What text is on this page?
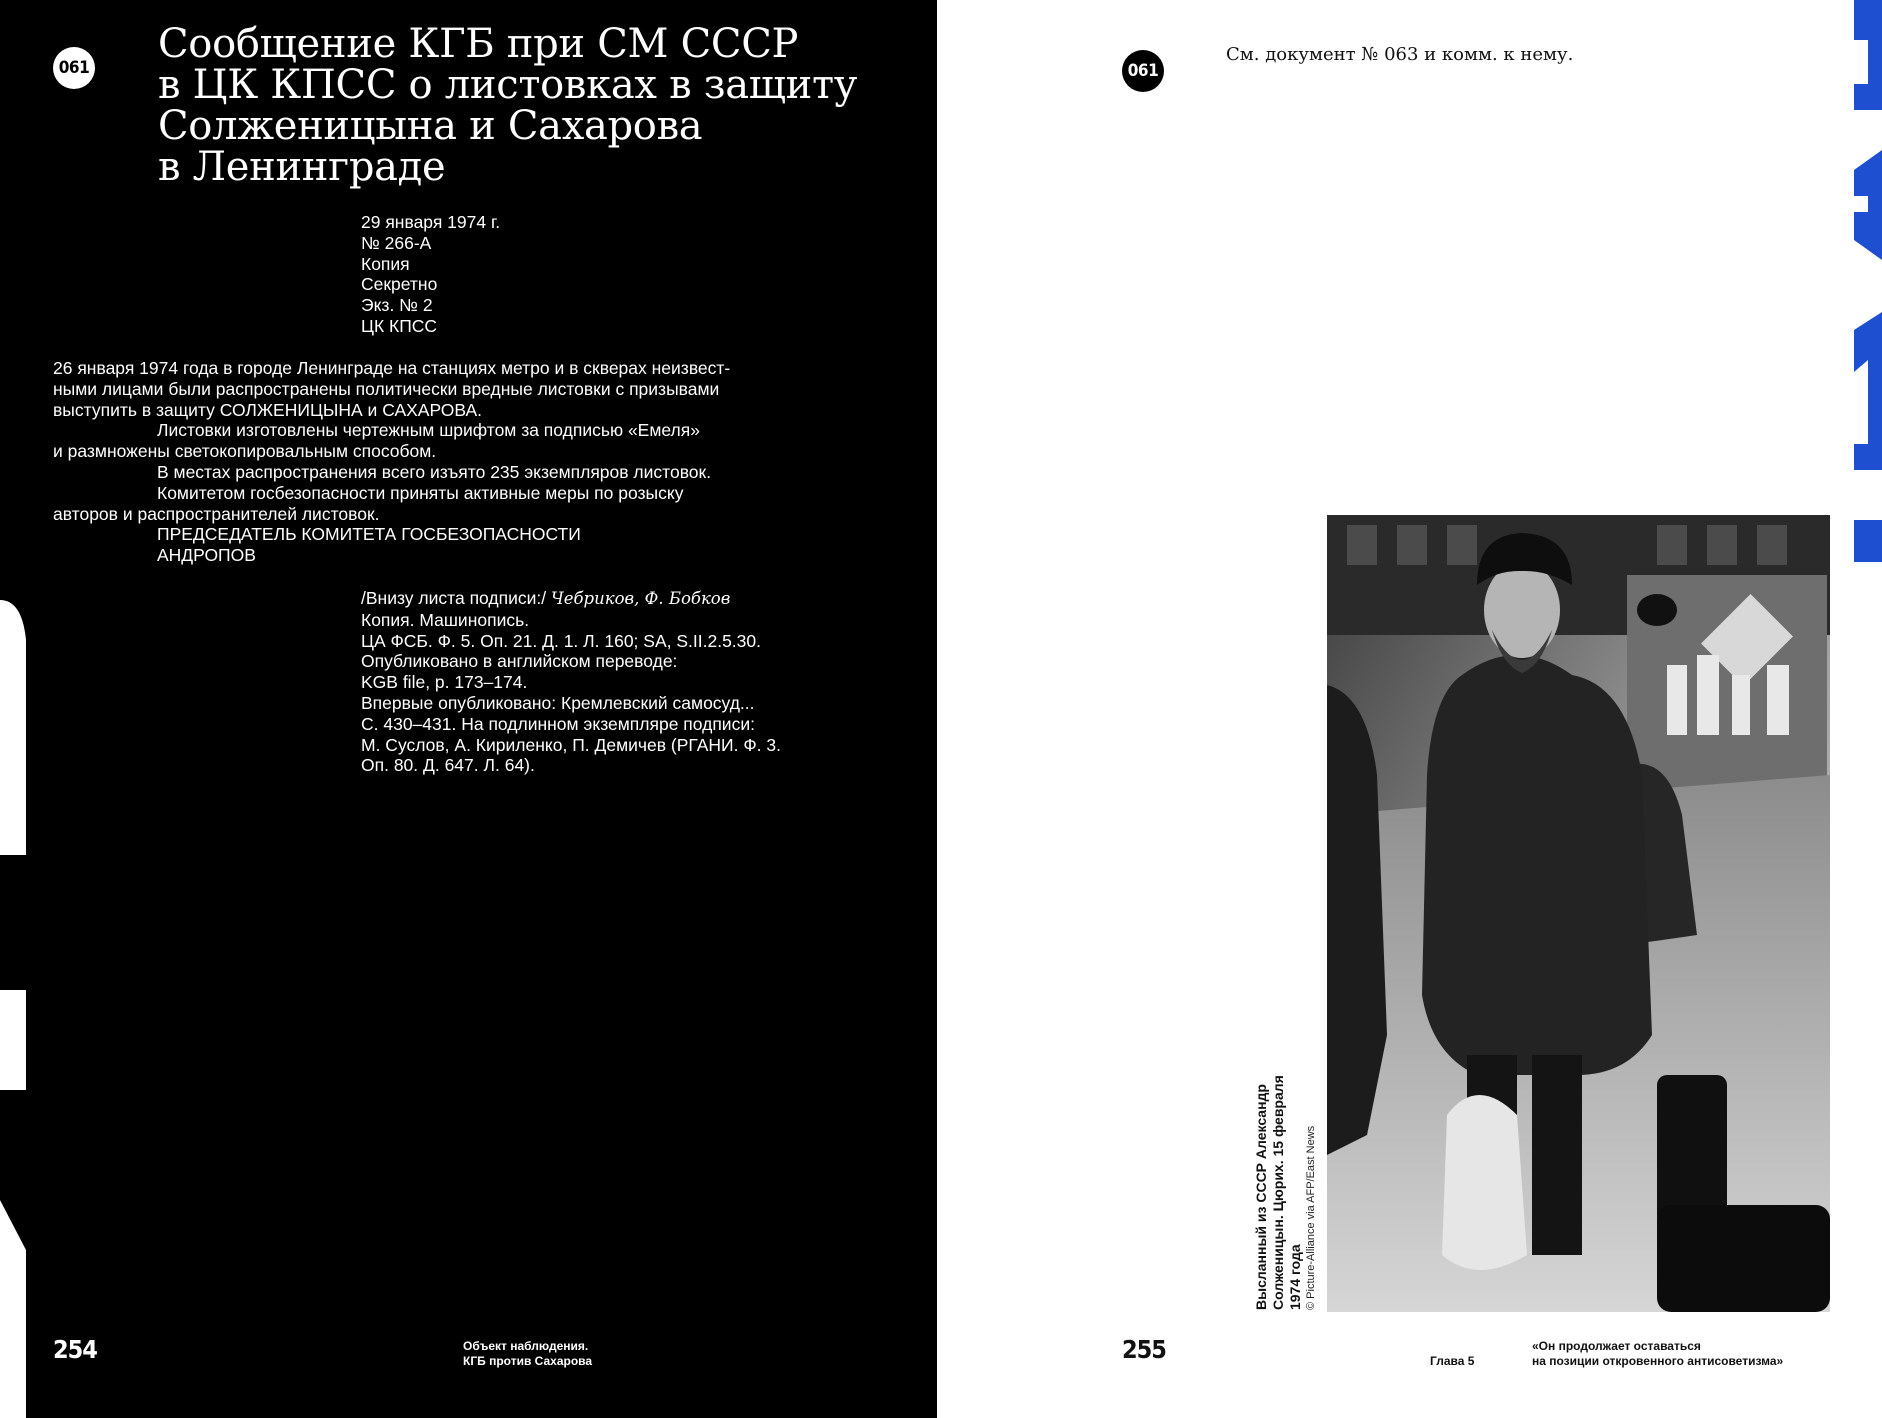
061
Сообщение КГБ при СМ СССР
в ЦК КПСС о листовках в защиту
Солженицына и Сахарова
в Ленинграде
29 января 1974 г.
№ 266-А
Копия
Секретно
Экз. № 2
ЦК КПСС

26 января 1974 года в городе Ленинграде на станциях метро и в скверах неизвест-

ными лицами были распространены политически вредные листовки с призывами

выступить в защиту СОЛЖЕНИЦЫНА и САХАРОВА.

Листовки изготовлены чертежным шрифтом за подписью «Емеля»

и размножены светокопировальным способом.

В местах распространения всего изъято 235 экземпляров листовок.

Комитетом госбезопасности приняты активные меры по розыску

авторов и распространителей листовок.

ПРЕДСЕДАТЕЛЬ КОМИТЕТА ГОСБЕЗОПАСНОСТИ

АНДРОПОВ

/Внизу листа подписи:/ Чебриков, Ф. Бобков
Копия. Машинопись.
ЦА ФСБ. Ф. 5. Оп. 21. Д. 1. Л. 160; SA, S.II.2.5.30.
Опубликовано в английском переводе:
KGB file, p. 173–174.
Впервые опубликовано: Кремлевский самосуд...
С. 430–431. На подлинном экземпляре подписи:
М. Суслов, А. Кириленко, П. Демичев (РГАНИ. Ф. 3.
Оп. 80. Д. 647. Л. 64).
254	Объект наблюдения.
КГБ против Сахарова
061
См. документ № 063 и комм. к нему.
Высланный из СССР Александр Солженицын. Цюрих. 15 февраля 1974 года © Picture-Alliance via AFP/East News
255	Глава 5
«Он продолжает оставаться
на позиции откровенного антисоветизма»
